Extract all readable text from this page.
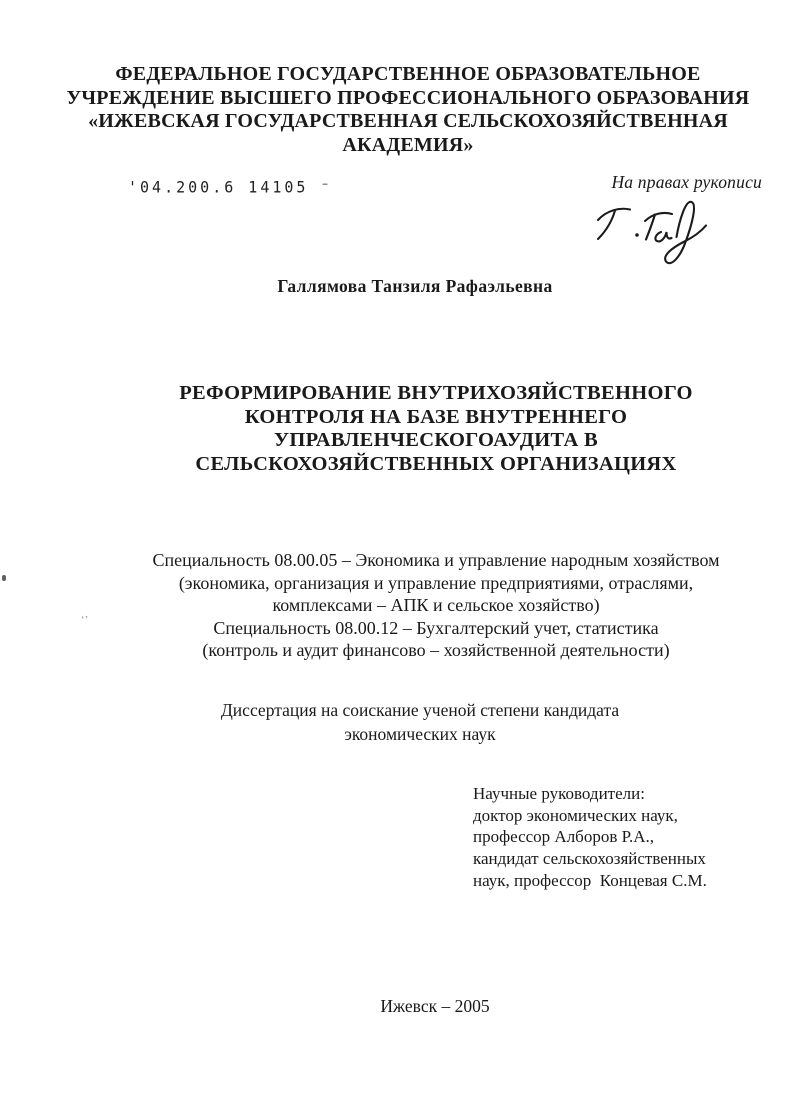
ФЕДЕРАЛЬНОЕ ГОСУДАРСТВЕННОЕ ОБРАЗОВАТЕЛЬНОЕ
УЧРЕЖДЕНИЕ ВЫСШЕГО ПРОФЕССИОНАЛЬНОГО ОБРАЗОВАНИЯ
«ИЖЕВСКАЯ ГОСУДАРСТВЕННАЯ СЕЛЬСКОХОЗЯЙСТВЕННАЯ
АКАДЕМИЯ»
'04.200.6 14105 ⁻	На правах рукописи
Галлямова Танзиля Рафаэльевна
РЕФОРМИРОВАНИЕ ВНУТРИХОЗЯЙСТВЕННОГО
КОНТРОЛЯ НА БАЗЕ ВНУТРЕННЕГО
УПРАВЛЕНЧЕСКОГОАУДИТА В
СЕЛЬСКОХОЗЯЙСТВЕННЫХ ОРГАНИЗАЦИЯХ
Специальность 08.00.05 – Экономика и управление народным хозяйством
(экономика, организация и управление предприятиями, отраслями,
комплексами – АПК и сельское хозяйство)
Специальность 08.00.12 – Бухгалтерский учет, статистика
(контроль и аудит финансово – хозяйственной деятельности)
Диссертация на соискание ученой степени кандидата
экономических наук
Научные руководители:
доктор экономических наук,
профессор Алборов Р.А.,
кандидат сельскохозяйственных
наук, профессор  Концевая С.М.
Ижевск – 2005
ʻʼ
